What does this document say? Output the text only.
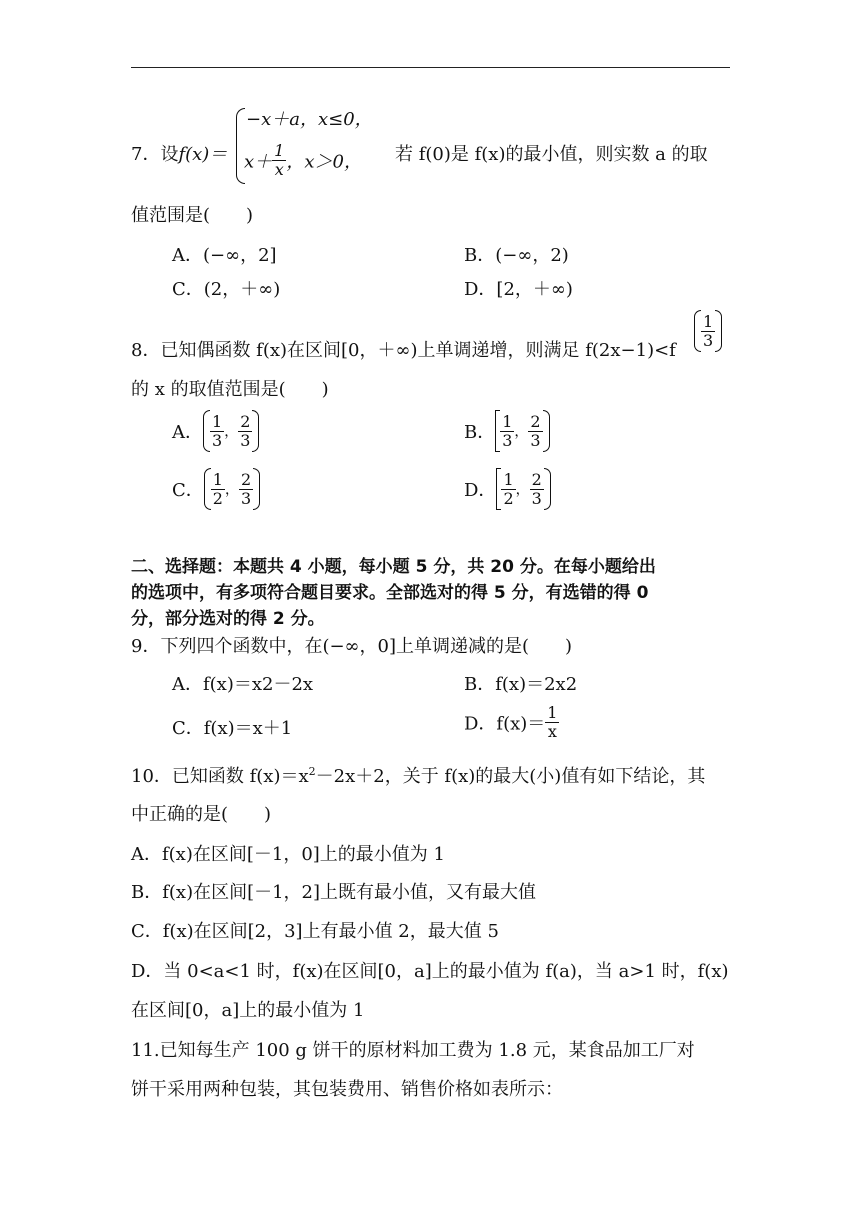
7．设f(x)＝
−x＋a，x≤0，
$x+ \frac{1}{x}$ ，x＞0， 若 f(0)是 f(x)的最小值，则实数 a 的取
值范围是(　　)
A．(−∞，2]	B．(−∞，2)
C．(2，＋∞)	D．[2，＋∞)
8．已知偶函数 f(x)在区间[0，＋∞)上单调递增，则满足 f(2x−1)<f
$\frac{1}{3}$
的 x 的取值范围是(　　)
A． $\frac{1}{3}$ ， $\frac{2}{3}$	B． $\frac{1}{3}$ ， $\frac{2}{3}$
C． $\frac{1}{2}$ ， $\frac{2}{3}$	D． $\frac{1}{2}$ ， $\frac{2}{3}$
二、选择题：本题共 4 小题，每小题 5 分，共 20 分。在每小题给出
的选项中，有多项符合题目要求。全部选对的得 5 分，有选错的得 0
分，部分选对的得 2 分。
9．下列四个函数中，在(−∞，0]上单调递减的是(　　)
A．f(x)＝x2－2x	B．f(x)＝2x2
C．f(x)＝x＋1	D．$f(x)= \frac{1}{x}$
10．已知函数 $f(x)=x^2-2x+2$，关于 f(x)的最大(小)值有如下结论，其
中正确的是(　　)
A．f(x)在区间[－1，0]上的最小值为 1
B．f(x)在区间[－1，2]上既有最小值，又有最大值
C．f(x)在区间[2，3]上有最小值 2，最大值 5
D．当 0<a<1 时，f(x)在区间[0，a]上的最小值为 f(a)，当 a>1 时，f(x)
在区间[0，a]上的最小值为 1
11.已知每生产 100 g 饼干的原材料加工费为 1.8 元，某食品加工厂对
饼干采用两种包装，其包装费用、销售价格如表所示：
